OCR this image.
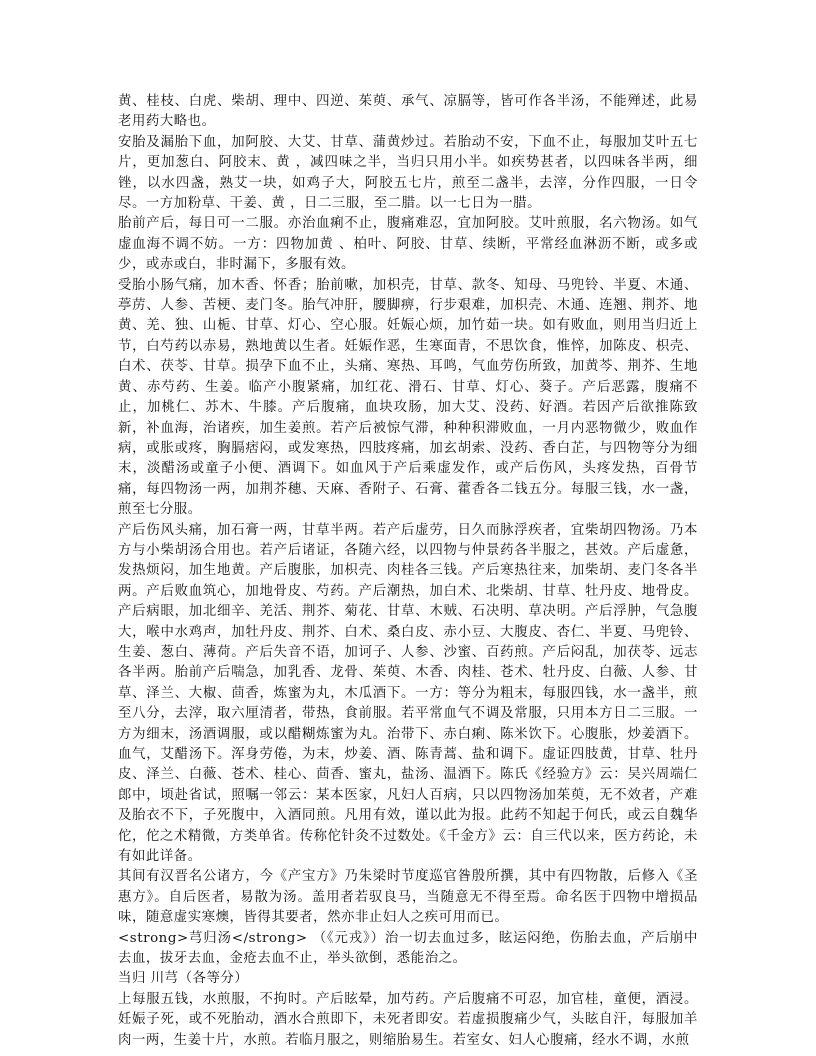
黄、桂枝、白虎、柴胡、理中、四逆、茱萸、承气、凉膈等，皆可作各半汤，不能殚述，此易老用药大略也。

安胎及漏胎下血，加阿胶、大艾、甘草、蒲黄炒过。若胎动不安，下血不止，每服加艾叶五七片，更加葱白、阿胶末、黄 ，减四味之半，当归只用小半。如疾势甚者，以四味各半两，细锉，以水四盏，熟艾一块，如鸡子大，阿胶五七片，煎至二盏半，去滓，分作四服，一日令尽。一方加粉草、干姜、黄 ，日二三服，至二腊。以一七日为一腊。

胎前产后，每日可一二服。亦治血痢不止，腹痛难忍，宜加阿胶。艾叶煎服，名六物汤。如气虚血海不调不妨。一方：四物加黄 、柏叶、阿胶、甘草、续断，平常经血淋沥不断，或多或少，或赤或白，非时漏下，多服有效。

受胎小肠气痛，加木香、怀香；胎前嗽，加枳壳，甘草、款冬、知母、马兜铃、半夏、木通、葶苈、人参、苦梗、麦门冬。胎气冲肝，腰脚痹，行步艰难，加枳壳、木通、连翘、荆芥、地黄、羌、独、山栀、甘草、灯心、空心服。妊娠心烦，加竹茹一块。如有败血，则用当归近上节，白芍药以赤易，熟地黄以生者。妊娠作恶，生寒面青，不思饮食，惟悴，加陈皮、枳壳、白术、茯苓、甘草。损孕下血不止，头痛、寒热、耳鸣，气血劳伤所致，加黄芩、荆芥、生地黄、赤芍药、生姜。临产小腹紧痛，加红花、滑石、甘草、灯心、葵子。产后恶露，腹痛不止，加桃仁、苏木、牛膝。产后腹痛，血块攻肠，加大艾、没药、好酒。若因产后欲推陈致新，补血海，治诸疾，加生姜煎。若产后被惊气滞，种种积滞败血，一月内恶物微少，败血作病，或胀或疼，胸膈痞闷，或发寒热，四肢疼痛，加玄胡索、没药、香白芷，与四物等分为细末，淡醋汤或童子小便、酒调下。如血风于产后乘虚发作，或产后伤风，头疼发热，百骨节痛，每四物汤一两，加荆芥穗、天麻、香附子、石膏、藿香各二钱五分。每服三钱，水一盏，煎至七分服。

产后伤风头痛，加石膏一两，甘草半两。若产后虚劳，日久而脉浮疾者，宜柴胡四物汤。乃本方与小柴胡汤合用也。若产后诸证，各随六经，以四物与仲景药各半服之，甚效。产后虚惫，发热烦闷，加生地黄。产后腹胀，加枳壳、肉桂各三钱。产后寒热往来，加柴胡、麦门冬各半两。产后败血筑心，加地骨皮、芍药。产后潮热，加白术、北柴胡、甘草、牡丹皮、地骨皮。产后病眼，加北细辛、羌活、荆芥、菊花、甘草、木贼、石决明、草决明。产后浮肿，气急腹大，喉中水鸡声，加牡丹皮、荆芥、白术、桑白皮、赤小豆、大腹皮、杏仁、半夏、马兜铃、生姜、葱白、薄荷。产后失音不语，加诃子、人参、沙蜜、百药煎。产后闷乱，加茯苓、远志各半两。胎前产后喘急，加乳香、龙骨、茱萸、木香、肉桂、苍术、牡丹皮、白薇、人参、甘草、泽兰、大椒、茴香，炼蜜为丸，木瓜酒下。一方：等分为粗末，每服四钱，水一盏半，煎至八分，去滓，取六厘清者，带热，食前服。若平常血气不调及常服，只用本方日二三服。一方为细末，汤酒调服，或以醋糊炼蜜为丸。治带下、赤白痢、陈米饮下。心腹胀，炒姜酒下。血气，艾醋汤下。浑身劳倦，为末，炒姜、酒、陈青蒿、盐和调下。虚证四肢黄，甘草、牡丹皮、泽兰、白薇、苍术、桂心、茴香、蜜丸，盐汤、温酒下。陈氏《经验方》云：吴兴周端仁郎中，顷赴省试，照嘱一邻云：某本医家，凡妇人百病，只以四物汤加茱萸，无不效者，产难及胎衣不下，子死腹中，入酒同煎。凡用有效，谨以此为报。此药不知起于何氏，或云自魏华佗，佗之术精微，方类单省。传称佗针灸不过数处。《千金方》云：自三代以来，医方药论，未有如此详备。

其间有汉晋名公诸方，今《产宝方》乃朱梁时节度巡官昝殷所撰，其中有四物散，后修入《圣惠方》。自后医者，易散为汤。盖用者若驭良马，当随意无不得至焉。命名医于四物中增损品味，随意虚实寒燠，皆得其要者，然亦非止妇人之疾可用而已。

<strong>芎归汤</strong> （《元戎》）治一切去血过多，眩运闷绝，伤胎去血，产后崩中去血，拔牙去血，金疮去血不止，举头欲倒，悉能治之。

当归 川芎（各等分）

上每服五钱，水煎服，不拘时。产后眩晕，加芍药。产后腹痛不可忍，加官桂，童便，酒浸。妊娠子死，或不死胎动，酒水合煎即下，未死者即安。若虚损腹痛少气，头眩自汗，每服加羊肉一两，生姜十片，水煎。若临月服之，则缩胎易生。若室女、妇人心腹痛，经水不调，水煎
